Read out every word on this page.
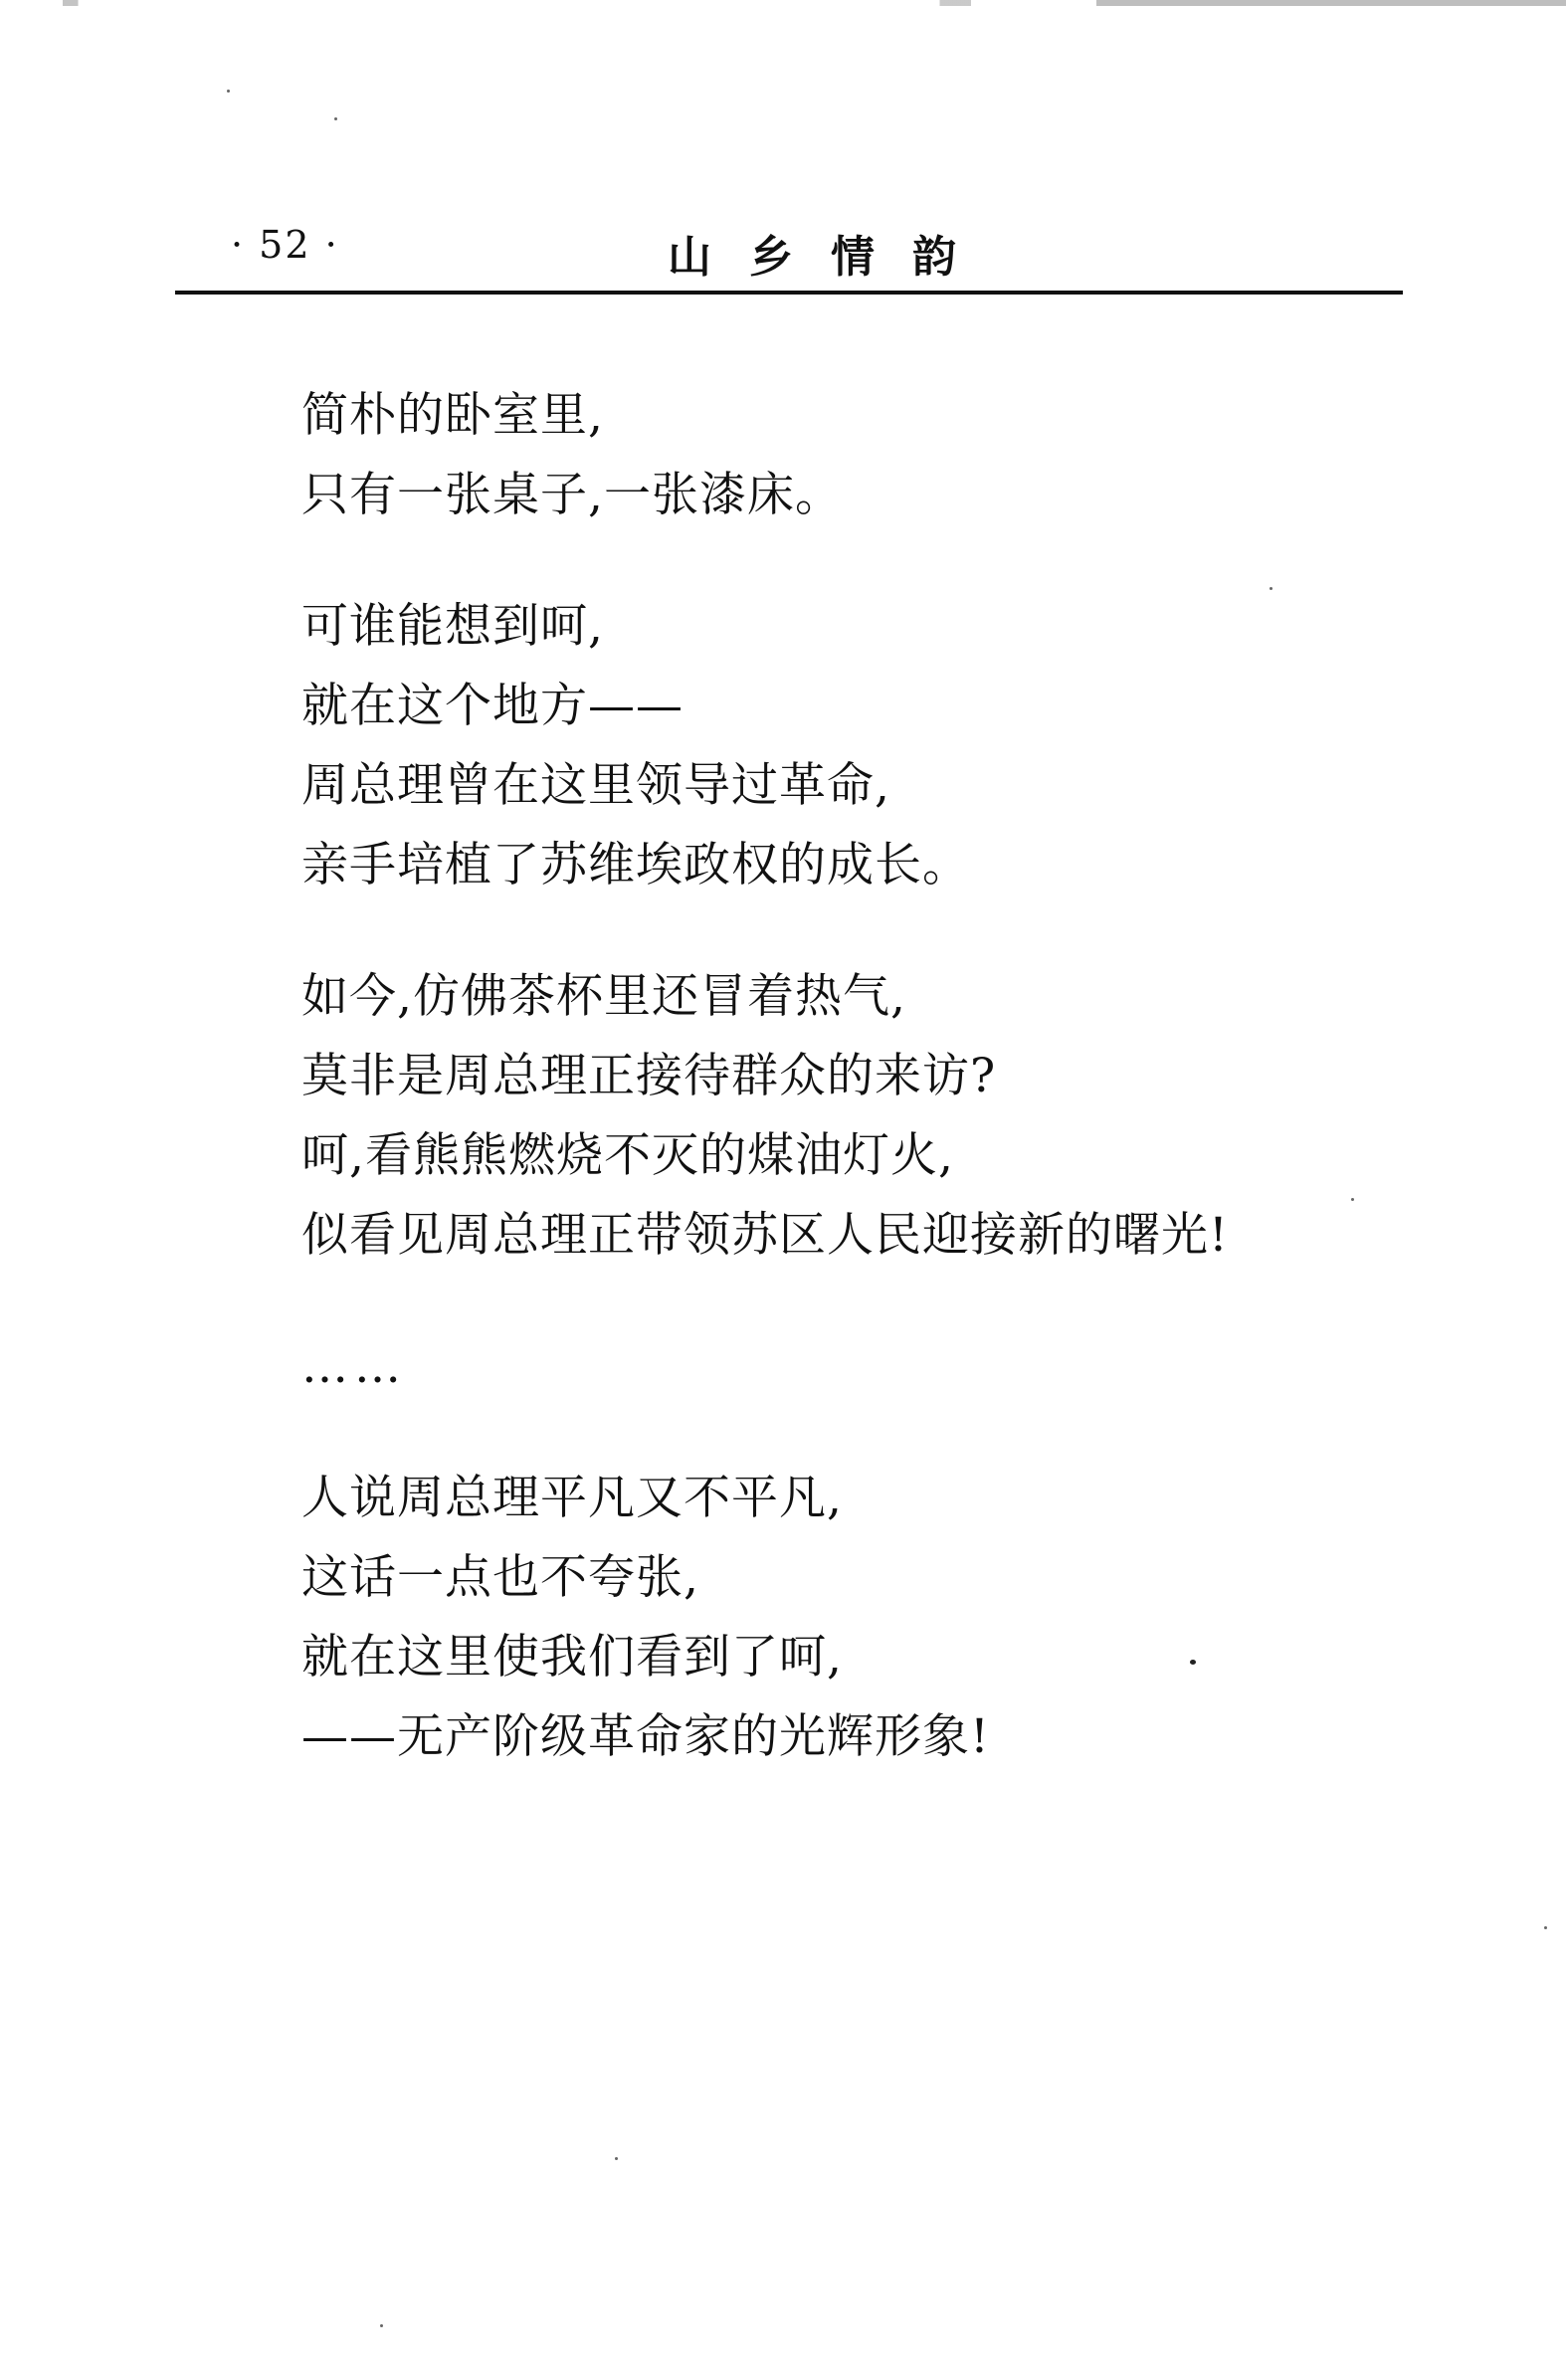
· 52 ·	山乡情韵
简朴的卧室里,
只有一张桌子,一张漆床。
可谁能想到呵,
就在这个地方——
周总理曾在这里领导过革命,
亲手培植了苏维埃政权的成长。
如今,仿佛茶杯里还冒着热气,
莫非是周总理正接待群众的来访?
呵,看熊熊燃烧不灭的煤油灯火,
似看见周总理正带领苏区人民迎接新的曙光!
……
人说周总理平凡又不平凡,
这话一点也不夸张,
就在这里使我们看到了呵,
——无产阶级革命家的光辉形象!
